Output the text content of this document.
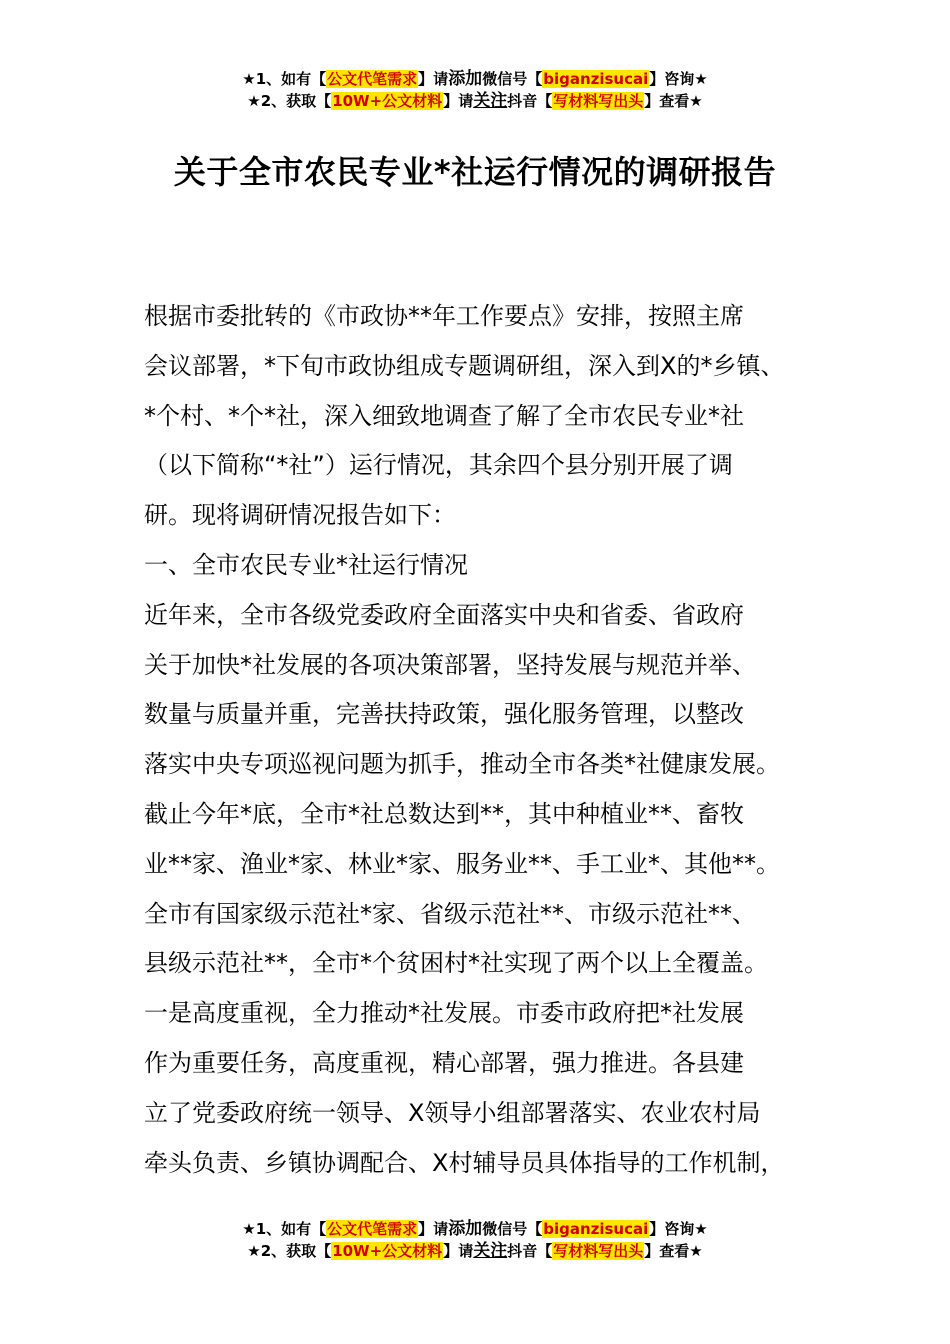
★1、如有【公文代笔需求】请添加微信号【biganzisucai】咨询★
★2、获取【10W+公文材料】请关注抖音【写材料写出头】查看★
关于全市农民专业*社运行情况的调研报告

根据市委批转的《市政协**年工作要点》安排，按照主席

会议部署，*下旬市政协组成专题调研组，深入到X的*乡镇、

*个村、*个*社，深入细致地调查了解了全市农民专业*社

（以下简称“*社”）运行情况，其余四个县分别开展了调

研。现将调研情况报告如下：

一、全市农民专业*社运行情况

近年来，全市各级党委政府全面落实中央和省委、省政府

关于加快*社发展的各项决策部署，坚持发展与规范并举、

数量与质量并重，完善扶持政策，强化服务管理，以整改

落实中央专项巡视问题为抓手，推动全市各类*社健康发展。

截止今年*底，全市*社总数达到**，其中种植业**、畜牧

业**家、渔业*家、林业*家、服务业**、手工业*、其他**。

全市有国家级示范社*家、省级示范社**、市级示范社**、

县级示范社**，全市*个贫困村*社实现了两个以上全覆盖。

一是高度重视，全力推动*社发展。市委市政府把*社发展

作为重要任务，高度重视，精心部署，强力推进。各县建

立了党委政府统一领导、X领导小组部署落实、农业农村局

牵头负责、乡镇协调配合、X村辅导员具体指导的工作机制，

★1、如有【公文代笔需求】请添加微信号【biganzisucai】咨询★
★2、获取【10W+公文材料】请关注抖音【写材料写出头】查看★
